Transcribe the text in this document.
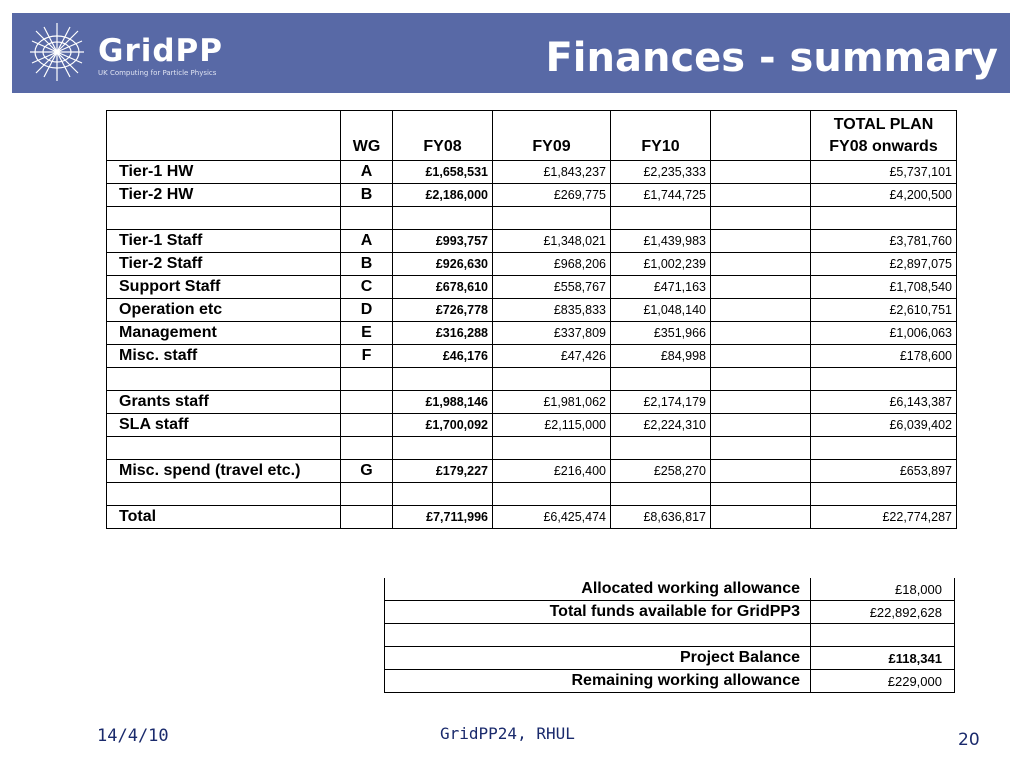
GridPP
UK Computing for Particle Physics	Finances - summary
	WG	FY08	FY09	FY10		TOTAL PLAN
FY08 onwards

Tier-1 HW	A	£1,658,531	£1,843,237	£2,235,333		£5,737,101
Tier-2 HW	B	£2,186,000	£269,775	£1,744,725		£4,200,500

Tier-1 Staff	A	£993,757	£1,348,021	£1,439,983		£3,781,760
Tier-2 Staff	B	£926,630	£968,206	£1,002,239		£2,897,075
Support Staff	C	£678,610	£558,767	£471,163		£1,708,540
Operation etc	D	£726,778	£835,833	£1,048,140		£2,610,751
Management	E	£316,288	£337,809	£351,966		£1,006,063
Misc. staff	F	£46,176	£47,426	£84,998		£178,600

Grants staff		£1,988,146	£1,981,062	£2,174,179		£6,143,387
SLA staff		£1,700,092	£2,115,000	£2,224,310		£6,039,402

Misc. spend (travel etc.)	G	£179,227	£216,400	£258,270		£653,897

Total		£7,711,996	£6,425,474	£8,636,817		£22,774,287
Allocated working allowance	£18,000
Total funds available for GridPP3	£22,892,628

Project Balance	£118,341
Remaining working allowance	£229,000
14/4/10	GridPP24, RHUL	20
